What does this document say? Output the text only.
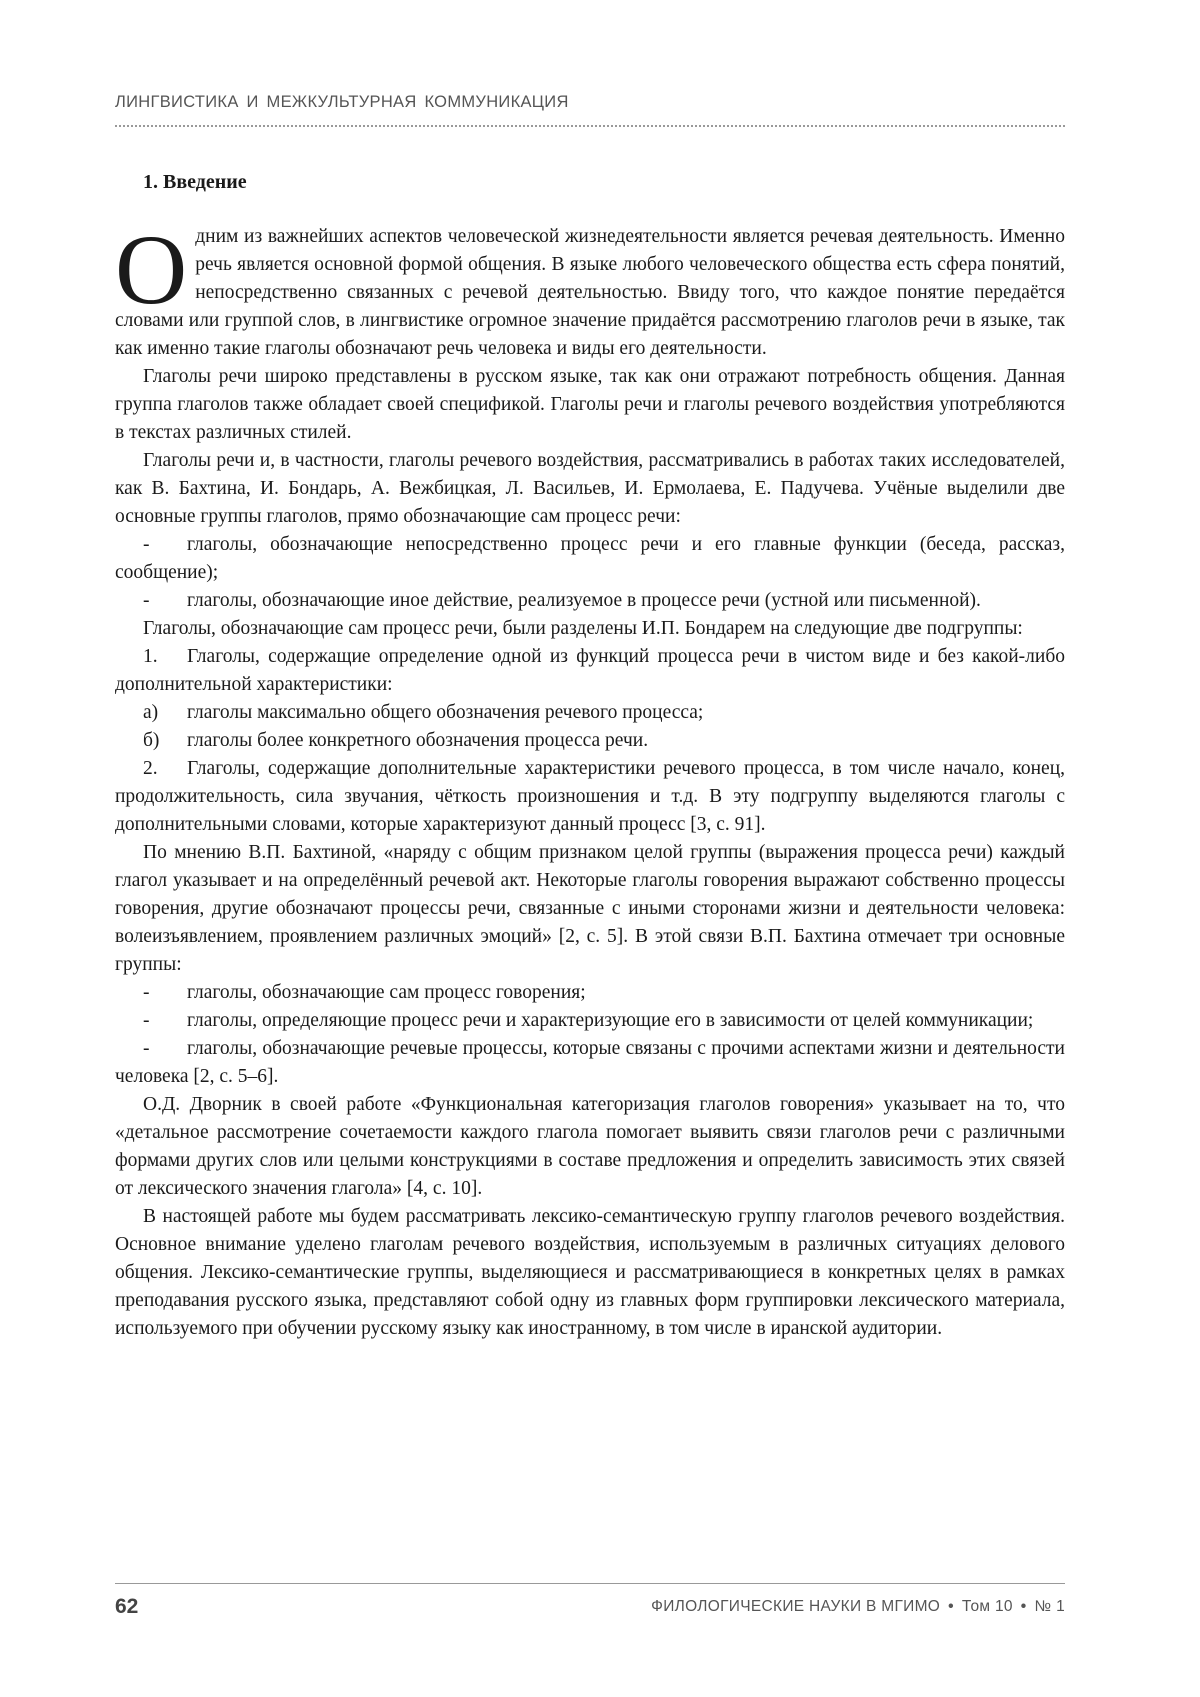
ЛИНГВИСТИКА И МЕЖКУЛЬТУРНАЯ КОММУНИКАЦИЯ
1. Введение

Одним из важнейших аспектов человеческой жизнедеятельности является речевая деятельность. Именно речь является основной формой общения. В языке любого человеческого общества есть сфера понятий, непосредственно связанных с речевой деятельностью. Ввиду того, что каждое понятие передаётся словами или группой слов, в лингвистике огромное значение придаётся рассмотрению глаголов речи в языке, так как именно такие глаголы обозначают речь человека и виды его деятельности.

Глаголы речи широко представлены в русском языке, так как они отражают потребность общения. Данная группа глаголов также обладает своей спецификой. Глаголы речи и глаголы речевого воздействия употребляются в текстах различных стилей.

Глаголы речи и, в частности, глаголы речевого воздействия, рассматривались в работах таких исследователей, как В. Бахтина, И. Бондарь, А. Вежбицкая, Л. Васильев, И. Ермолаева, Е. Падучева. Учёные выделили две основные группы глаголов, прямо обозначающие сам процесс речи:

- глаголы, обозначающие непосредственно процесс речи и его главные функции (беседа, рассказ, сообщение);

- глаголы, обозначающие иное действие, реализуемое в процессе речи (устной или письменной).

Глаголы, обозначающие сам процесс речи, были разделены И.П. Бондарем на следующие две подгруппы:

1. Глаголы, содержащие определение одной из функций процесса речи в чистом виде и без какой-либо дополнительной характеристики:

а) глаголы максимально общего обозначения речевого процесса;

б) глаголы более конкретного обозначения процесса речи.

2. Глаголы, содержащие дополнительные характеристики речевого процесса, в том числе начало, конец, продолжительность, сила звучания, чёткость произношения и т.д. В эту подгруппу выделяются глаголы с дополнительными словами, которые характеризуют данный процесс [3, с. 91].

По мнению В.П. Бахтиной, «наряду с общим признаком целой группы (выражения процесса речи) каждый глагол указывает и на определённый речевой акт. Некоторые глаголы говорения выражают собственно процессы говорения, другие обозначают процессы речи, связанные с иными сторонами жизни и деятельности человека: волеизъявлением, проявлением различных эмоций» [2, с. 5]. В этой связи В.П. Бахтина отмечает три основные группы:

- глаголы, обозначающие сам процесс говорения;

- глаголы, определяющие процесс речи и характеризующие его в зависимости от целей коммуникации;

- глаголы, обозначающие речевые процессы, которые связаны с прочими аспектами жизни и деятельности человека [2, с. 5–6].

О.Д. Дворник в своей работе «Функциональная категоризация глаголов говорения» указывает на то, что «детальное рассмотрение сочетаемости каждого глагола помогает выявить связи глаголов речи с различными формами других слов или целыми конструкциями в составе предложения и определить зависимость этих связей от лексического значения глагола» [4, с. 10].

В настоящей работе мы будем рассматривать лексико-семантическую группу глаголов речевого воздействия. Основное внимание уделено глаголам речевого воздействия, используемым в различных ситуациях делового общения. Лексико-семантические группы, выделяющиеся и рассматривающиеся в конкретных целях в рамках преподавания русского языка, представляют собой одну из главных форм группировки лексического материала, используемого при обучении русскому языку как иностранному, в том числе в иранской аудитории.

62	ФИЛОЛОГИЧЕСКИЕ НАУКИ В МГИМО • Том 10 • № 1
